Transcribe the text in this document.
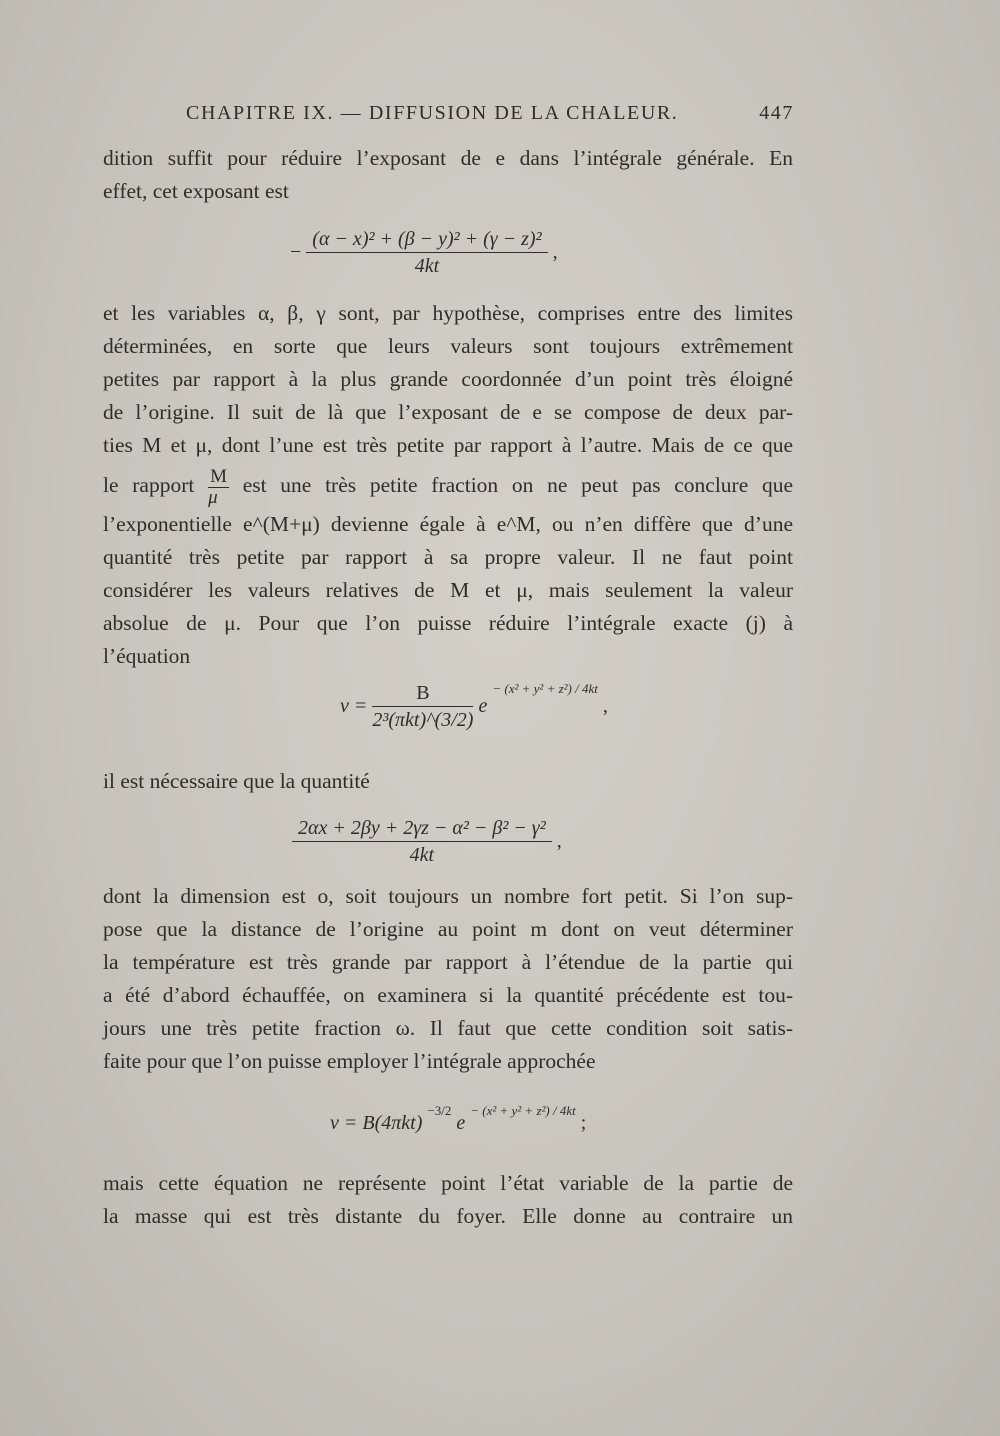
CHAPITRE IX. — DIFFUSION DE LA CHALEUR.	447
dition suffit pour réduire l’exposant de e dans l’intégrale générale. En
effet, cet exposant est
− $\frac{\text{(α − x)² + (β − y)² + (γ − z)²}}{4kt}$ ,
et les variables α, β, γ sont, par hypothèse, comprises entre des limites
déterminées, en sorte que leurs valeurs sont toujours extrêmement
petites par rapport à la plus grande coordonnée d’un point très éloigné
de l’origine. Il suit de là que l’exposant de e se compose de deux par-
ties M et μ, dont l’une est très petite par rapport à l’autre. Mais de ce que
le rapport $\frac{M}{\mu}$ est une très petite fraction on ne peut pas conclure que
l’exponentielle e^(M+μ) devienne égale à e^M, ou n’en diffère que d’une
quantité très petite par rapport à sa propre valeur. Il ne faut point
considérer les valeurs relatives de M et μ, mais seulement la valeur
absolue de μ. Pour que l’on puisse réduire l’intégrale exacte (j) à
l’équation
$v = \frac{B}{\text{2³(πkt)\textasciicircum{}(3/2)}}$ e $^{- (x^2 + y^2 + z^2) / 4kt}$ ,
il est nécessaire que la quantité
$\frac{\text{2αx + 2βy + 2γz − α² − β² − γ²}}{4kt}$ ,
dont la dimension est o, soit toujours un nombre fort petit. Si l’on sup-
pose que la distance de l’origine au point m dont on veut déterminer
la température est très grande par rapport à l’étendue de la partie qui
a été d’abord échauffée, on examinera si la quantité précédente est tou-
jours une très petite fraction ω. Il faut que cette condition soit satis-
faite pour que l’on puisse employer l’intégrale approchée
v = B(4πkt) $^{-3/2}$ e $^{- (x^2 + y^2 + z^2) / 4kt}$ ;
mais cette équation ne représente point l’état variable de la partie de
la masse qui est très distante du foyer. Elle donne au contraire un
